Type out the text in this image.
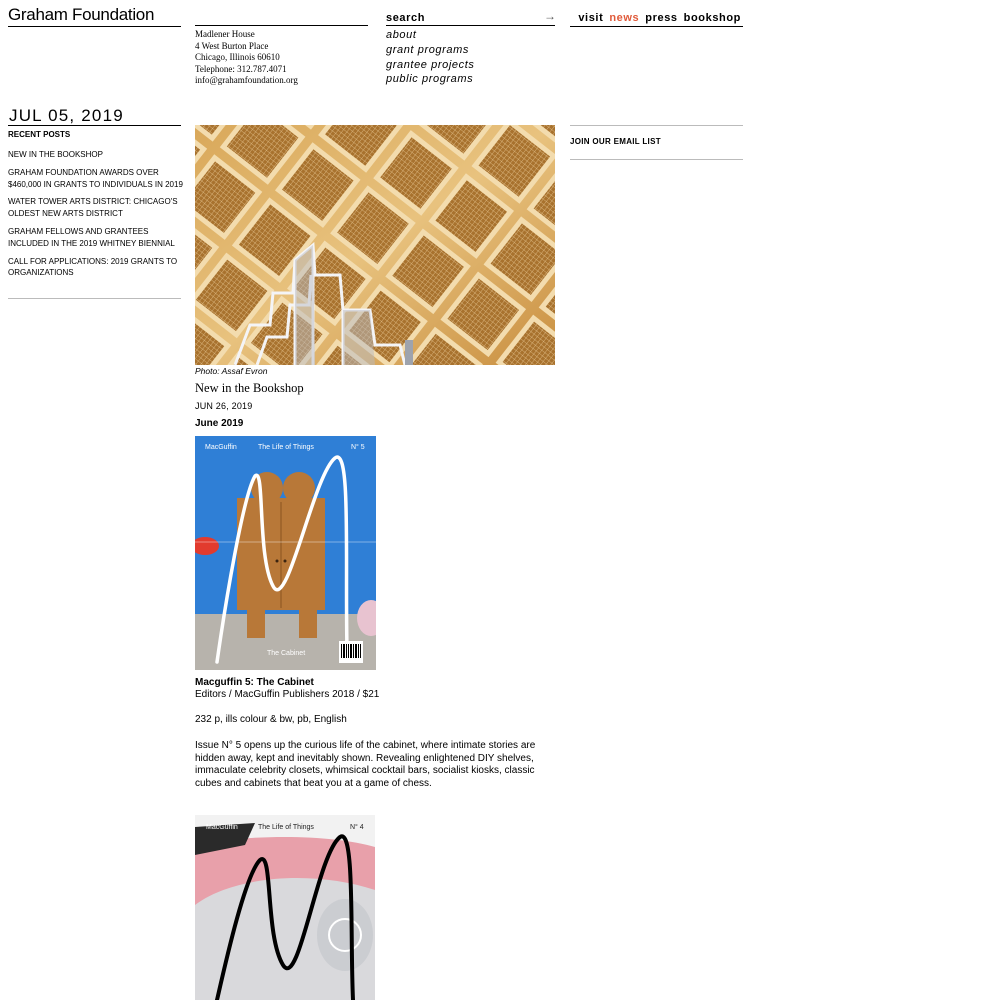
Graham Foundation
Madlener House
4 West Burton Place
Chicago, Illinois 60610
Telephone: 312.787.4071
info@grahamfoundation.org
search	→
about
grant programs
grantee projects
public programs
visit news press bookshop
JUL 05, 2019
RECENT POSTS
NEW IN THE BOOKSHOP
GRAHAM FOUNDATION AWARDS OVER $460,000 IN GRANTS TO INDIVIDUALS IN 2019
WATER TOWER ARTS DISTRICT: CHICAGO'S OLDEST NEW ARTS DISTRICT
GRAHAM FELLOWS AND GRANTEES INCLUDED IN THE 2019 WHITNEY BIENNIAL
CALL FOR APPLICATIONS: 2019 GRANTS TO ORGANIZATIONS
JOIN OUR EMAIL LIST
Photo: Assaf Evron
New in the Bookshop
JUN 26, 2019
June 2019
MacGuffin	The Life of Things	N° 5
The Cabinet
Macguffin 5: The Cabinet
Editors / MacGuffin Publishers 2018 / $21
232 p, ills colour & bw, pb, English
Issue N° 5 opens up the curious life of the cabinet, where intimate stories are hidden away, kept and inevitably shown. Revealing enlightened DIY shelves, immaculate celebrity closets, whimsical cocktail bars, socialist kiosks, classic cubes and cabinets that beat you at a game of chess.
MacGuffin	The Life of Things	N° 4
